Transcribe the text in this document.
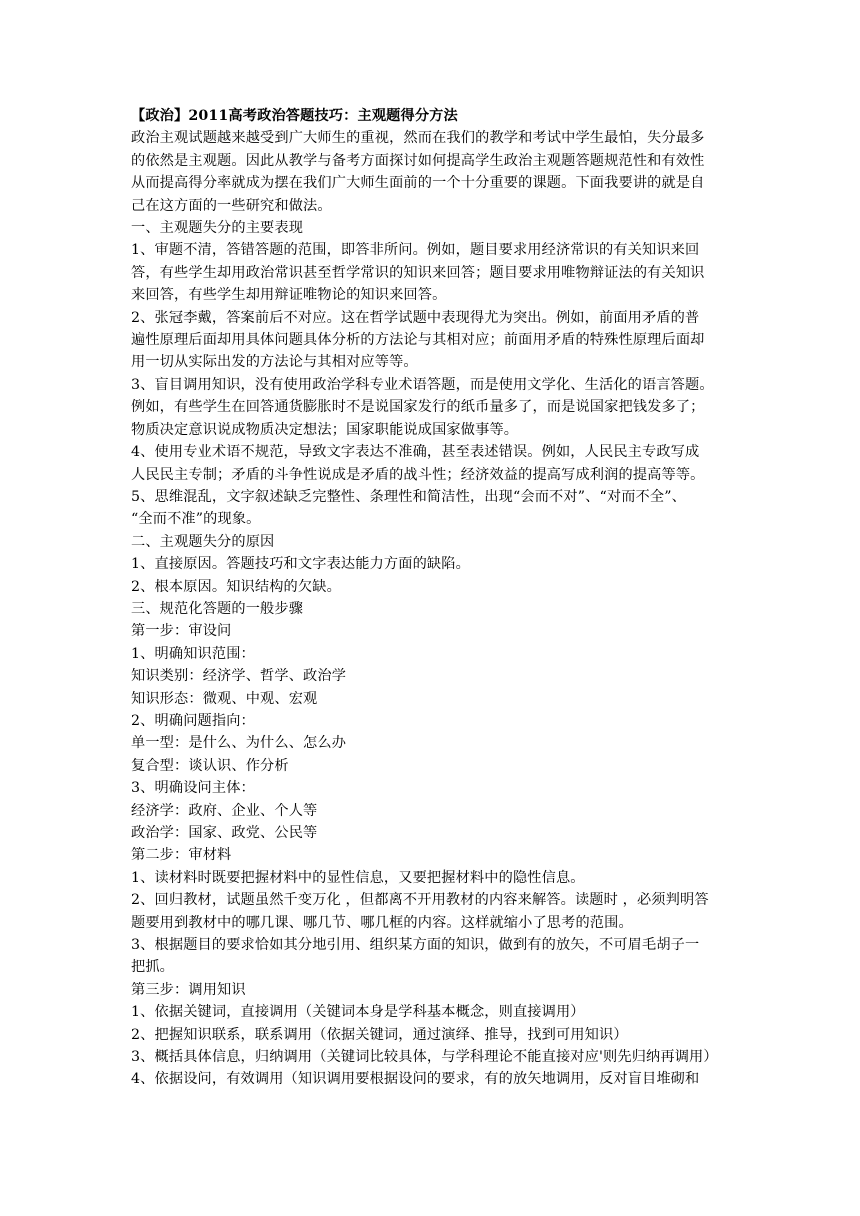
【政治】2011高考政治答题技巧：主观题得分方法
政治主观试题越来越受到广大师生的重视，然而在我们的教学和考试中学生最怕，失分最多
的依然是主观题。因此从教学与备考方面探讨如何提高学生政治主观题答题规范性和有效性
从而提高得分率就成为摆在我们广大师生面前的一个十分重要的课题。下面我要讲的就是自
己在这方面的一些研究和做法。
一、主观题失分的主要表现
1、审题不清，答错答题的范围，即答非所问。例如，题目要求用经济常识的有关知识来回
答，有些学生却用政治常识甚至哲学常识的知识来回答；题目要求用唯物辩证法的有关知识
来回答，有些学生却用辩证唯物论的知识来回答。
2、张冠李戴，答案前后不对应。这在哲学试题中表现得尤为突出。例如，前面用矛盾的普
遍性原理后面却用具体问题具体分析的方法论与其相对应；前面用矛盾的特殊性原理后面却
用一切从实际出发的方法论与其相对应等等。
3、盲目调用知识，没有使用政治学科专业术语答题，而是使用文学化、生活化的语言答题。
例如，有些学生在回答通货膨胀时不是说国家发行的纸币量多了，而是说国家把钱发多了；
物质决定意识说成物质决定想法；国家职能说成国家做事等。
4、使用专业术语不规范，导致文字表达不准确，甚至表述错误。例如，人民民主专政写成
人民民主专制；矛盾的斗争性说成是矛盾的战斗性；经济效益的提高写成利润的提高等等。
5、思维混乱，文字叙述缺乏完整性、条理性和简洁性，出现“会而不对”、“对而不全”、
“全而不准”的现象。
二、主观题失分的原因
1、直接原因。答题技巧和文字表达能力方面的缺陷。
2、根本原因。知识结构的欠缺。
三、规范化答题的一般步骤
第一步：审设问
1、明确知识范围：
知识类别：经济学、哲学、政治学
知识形态：微观、中观、宏观
2、明确问题指向：
单一型：是什么、为什么、怎么办
复合型：谈认识、作分析
3、明确设问主体：
经济学：政府、企业、个人等
政治学：国家、政党、公民等
第二步：审材料
1、读材料时既要把握材料中的显性信息，又要把握材料中的隐性信息。
2、回归教材，试题虽然千变万化 ，但都离不开用教材的内容来解答。读题时 ，必须判明答
题要用到教材中的哪几课、哪几节、哪几框的内容。这样就缩小了思考的范围。
3、根据题目的要求恰如其分地引用、组织某方面的知识，做到有的放矢，不可眉毛胡子一
把抓。
第三步：调用知识
1、依据关键词，直接调用（关键词本身是学科基本概念，则直接调用）
2、把握知识联系，联系调用（依据关键词，通过演绎、推导，找到可用知识）
3、概括具体信息，归纳调用（关键词比较具体，与学科理论不能直接对应'则先归纳再调用）
4、依据设问，有效调用（知识调用要根据设问的要求，有的放矢地调用，反对盲目堆砌和
